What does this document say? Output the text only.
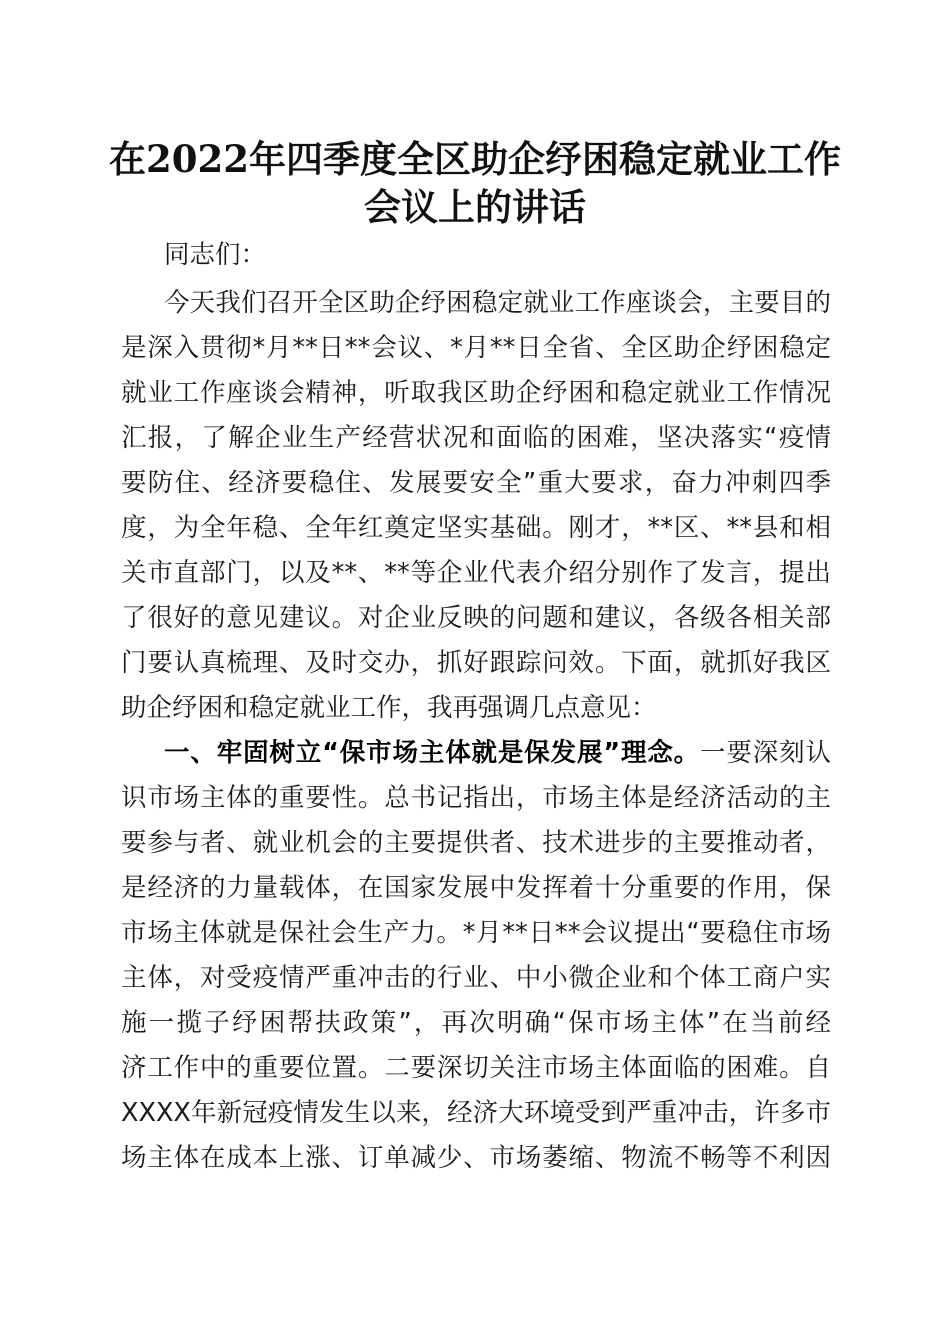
在2022年四季度全区助企纾困稳定就业工作
会议上的讲话

同志们：

今天我们召开全区助企纾困稳定就业工作座谈会，主要目的

是深入贯彻*月**日**会议、*月**日全省、全区助企纾困稳定

就业工作座谈会精神，听取我区助企纾困和稳定就业工作情况

汇报，了解企业生产经营状况和面临的困难，坚决落实“疫情

要防住、经济要稳住、发展要安全”重大要求，奋力冲刺四季

度，为全年稳、全年红奠定坚实基础。刚才，**区、**县和相

关市直部门，以及**、**等企业代表介绍分别作了发言，提出

了很好的意见建议。对企业反映的问题和建议，各级各相关部

门要认真梳理、及时交办，抓好跟踪问效。下面，就抓好我区

助企纾困和稳定就业工作，我再强调几点意见：

一、牢固树立“保市场主体就是保发展”理念。一要深刻认

识市场主体的重要性。总书记指出，市场主体是经济活动的主

要参与者、就业机会的主要提供者、技术进步的主要推动者，

是经济的力量载体，在国家发展中发挥着十分重要的作用，保

市场主体就是保社会生产力。*月**日**会议提出“要稳住市场

主体，对受疫情严重冲击的行业、中小微企业和个体工商户实

施一揽子纾困帮扶政策”，再次明确“保市场主体”在当前经

济工作中的重要位置。二要深切关注市场主体面临的困难。自

XXXX年新冠疫情发生以来，经济大环境受到严重冲击，许多市

场主体在成本上涨、订单减少、市场萎缩、物流不畅等不利因
